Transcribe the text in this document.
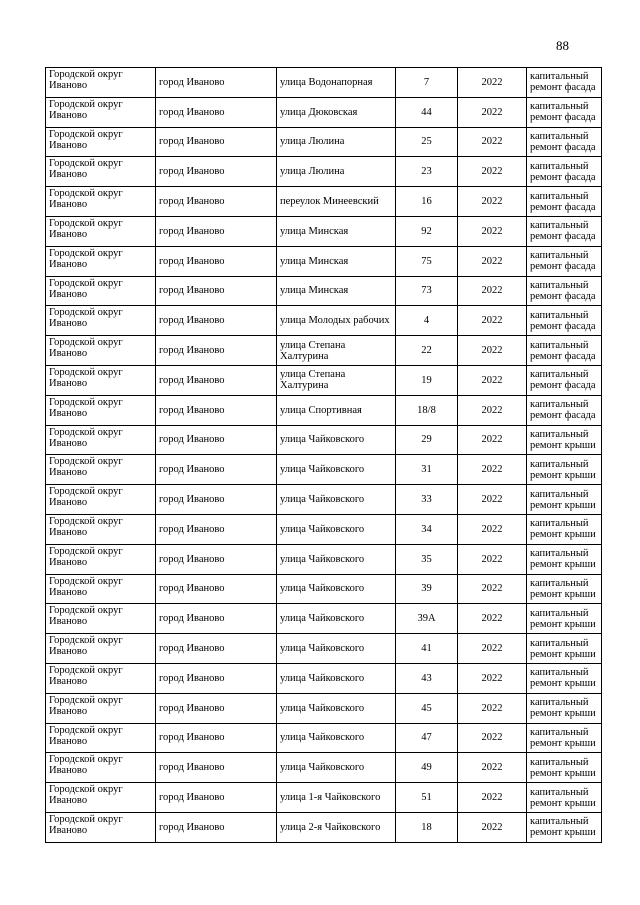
88
Городской округ Иваново	город Иваново	улица Водонапорная	7	2022	капитальный ремонт фасада
Городской округ Иваново	город Иваново	улица Дюковская	44	2022	капитальный ремонт фасада
Городской округ Иваново	город Иваново	улица Люлина	25	2022	капитальный ремонт фасада
Городской округ Иваново	город Иваново	улица Люлина	23	2022	капитальный ремонт фасада
Городской округ Иваново	город Иваново	переулок Минеевский	16	2022	капитальный ремонт фасада
Городской округ Иваново	город Иваново	улица Минская	92	2022	капитальный ремонт фасада
Городской округ Иваново	город Иваново	улица Минская	75	2022	капитальный ремонт фасада
Городской округ Иваново	город Иваново	улица Минская	73	2022	капитальный ремонт фасада
Городской округ Иваново	город Иваново	улица Молодых рабочих	4	2022	капитальный ремонт фасада
Городской округ Иваново	город Иваново	улица Степана Халтурина	22	2022	капитальный ремонт фасада
Городской округ Иваново	город Иваново	улица Степана Халтурина	19	2022	капитальный ремонт фасада
Городской округ Иваново	город Иваново	улица Спортивная	18/8	2022	капитальный ремонт фасада
Городской округ Иваново	город Иваново	улица Чайковского	29	2022	капитальный ремонт крыши
Городской округ Иваново	город Иваново	улица Чайковского	31	2022	капитальный ремонт крыши
Городской округ Иваново	город Иваново	улица Чайковского	33	2022	капитальный ремонт крыши
Городской округ Иваново	город Иваново	улица Чайковского	34	2022	капитальный ремонт крыши
Городской округ Иваново	город Иваново	улица Чайковского	35	2022	капитальный ремонт крыши
Городской округ Иваново	город Иваново	улица Чайковского	39	2022	капитальный ремонт крыши
Городской округ Иваново	город Иваново	улица Чайковского	39А	2022	капитальный ремонт крыши
Городской округ Иваново	город Иваново	улица Чайковского	41	2022	капитальный ремонт крыши
Городской округ Иваново	город Иваново	улица Чайковского	43	2022	капитальный ремонт крыши
Городской округ Иваново	город Иваново	улица Чайковского	45	2022	капитальный ремонт крыши
Городской округ Иваново	город Иваново	улица Чайковского	47	2022	капитальный ремонт крыши
Городской округ Иваново	город Иваново	улица Чайковского	49	2022	капитальный ремонт крыши
Городской округ Иваново	город Иваново	улица 1-я Чайковского	51	2022	капитальный ремонт крыши
Городской округ Иваново	город Иваново	улица 2-я Чайковского	18	2022	капитальный ремонт крыши
